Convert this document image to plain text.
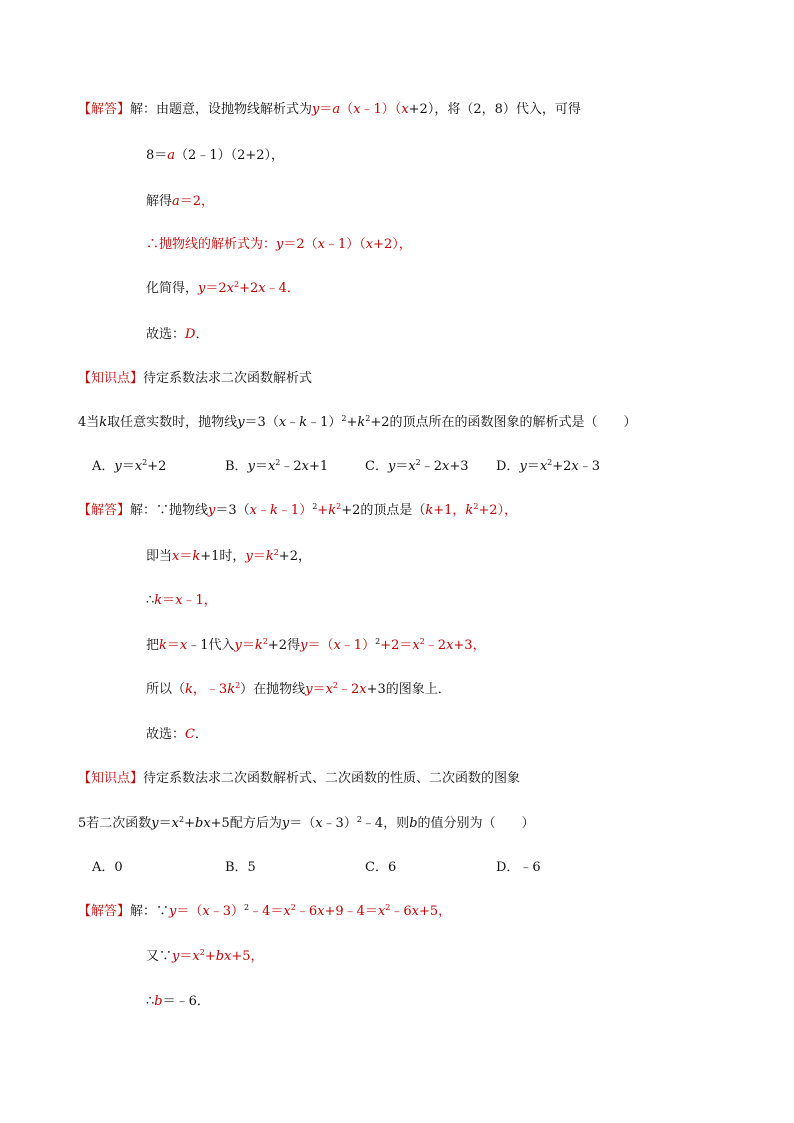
【解答】解：由题意，设抛物线解析式为y＝a（x﹣1）（x+2），将（2，8）代入，可得
8＝a（2﹣1）（2+2），
解得a＝2，
∴抛物线的解析式为：y＝2（x﹣1）（x+2），
化简得，$y=2x^2+2x﹣4$．
故选：D．
【知识点】待定系数法求二次函数解析式
4当k取任意实数时，抛物线$y=3(x﹣k﹣1)^2+k^2+2$的顶点所在的函数图象的解析式是（　　）
A．$y=x^2+2$	B．$y=x^2﹣2x+1$	C．$y=x^2﹣2x+3$ D．$y=x^2+2x﹣3$
【解答】解：∵抛物线$y=3(x﹣k﹣1)^2+k^2+2$的顶点是（k+1，$k^2+2$），
即当x＝k+1时，$y=k^2+2$，
∴k＝x﹣1，
把k＝x﹣1代入$y=k^2+2$得$y=(x﹣1)^2+2=x^2﹣2x+3$，
所以（k，$﹣3k^2$）在抛物线$y=x^2﹣2x+3$的图象上．
故选：C．
【知识点】待定系数法求二次函数解析式、二次函数的性质、二次函数的图象
5若二次函数$y=x^2+bx+5$配方后为y＝（x﹣3）$^2$﹣4，则b的值分别为（　　）
A．0	B．5	C．6	D．﹣6
【解答】解：$\because y=(x﹣3)^2﹣4=x^2﹣6x+9﹣4=x^2﹣6x+5$，
又$\because y=x^2+bx+5$，
∴b＝﹣6．
